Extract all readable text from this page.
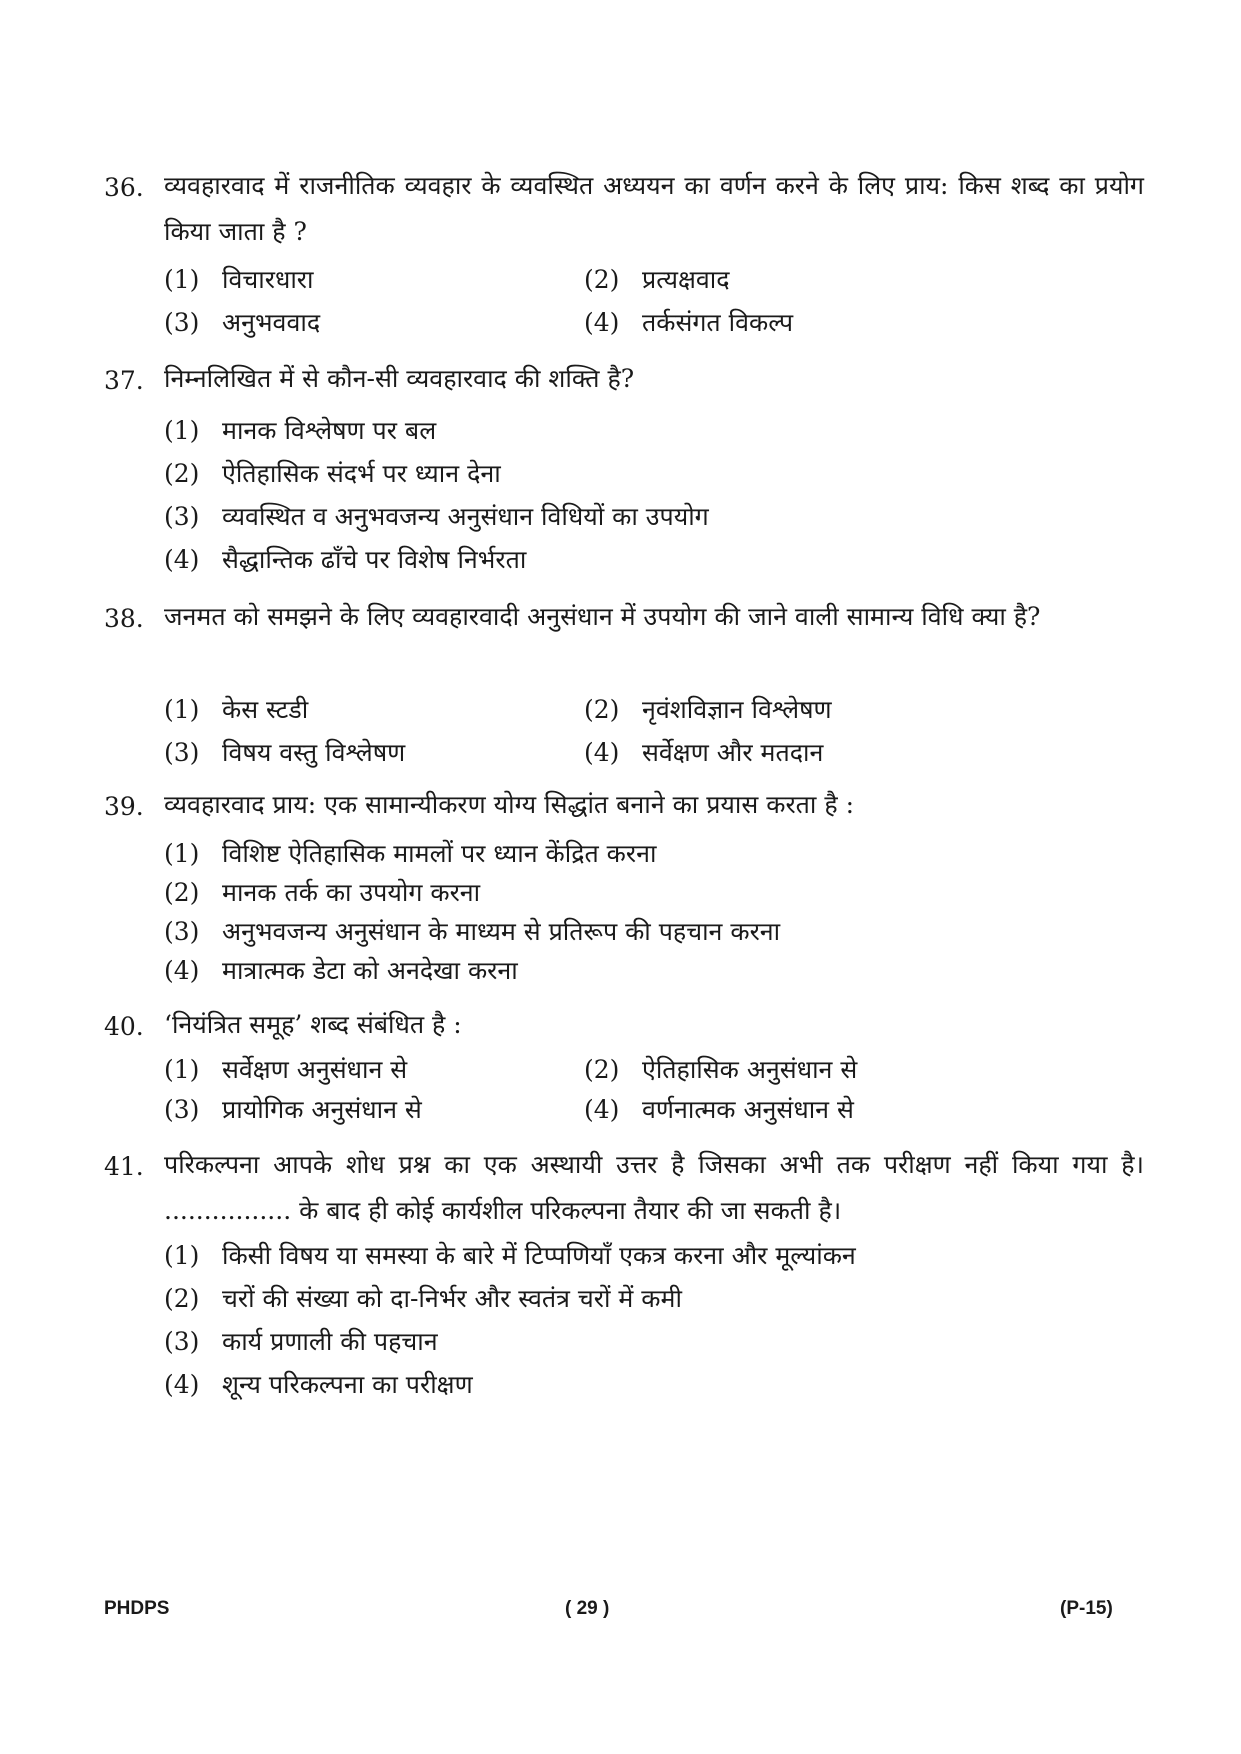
36. व्यवहारवाद में राजनीतिक व्यवहार के व्यवस्थित अध्ययन का वर्णन करने के लिए प्राय: किस शब्द का प्रयोग किया जाता है ?
(1) विचारधारा	(2) प्रत्यक्षवाद
(3) अनुभववाद	(4) तर्कसंगत विकल्प
37. निम्नलिखित में से कौन-सी व्यवहारवाद की शक्ति है?
(1) मानक विश्लेषण पर बल
(2) ऐतिहासिक संदर्भ पर ध्यान देना
(3) व्यवस्थित व अनुभवजन्य अनुसंधान विधियों का उपयोग
(4) सैद्धान्तिक ढाँचे पर विशेष निर्भरता
38. जनमत को समझने के लिए व्यवहारवादी अनुसंधान में उपयोग की जाने वाली सामान्य विधि क्या है?
(1) केस स्टडी	(2) नृवंशविज्ञान विश्लेषण
(3) विषय वस्तु विश्लेषण	(4) सर्वेक्षण और मतदान
39. व्यवहारवाद प्राय: एक सामान्यीकरण योग्य सिद्धांत बनाने का प्रयास करता है :
(1) विशिष्ट ऐतिहासिक मामलों पर ध्यान केंद्रित करना
(2) मानक तर्क का उपयोग करना
(3) अनुभवजन्य अनुसंधान के माध्यम से प्रतिरूप की पहचान करना
(4) मात्रात्मक डेटा को अनदेखा करना
40. ‘नियंत्रित समूह’ शब्द संबंधित है :
(1) सर्वेक्षण अनुसंधान से	(2) ऐतिहासिक अनुसंधान से
(3) प्रायोगिक अनुसंधान से	(4) वर्णनात्मक अनुसंधान से
41. परिकल्पना आपके शोध प्रश्न का एक अस्थायी उत्तर है जिसका अभी तक परीक्षण नहीं किया गया है। ................ के बाद ही कोई कार्यशील परिकल्पना तैयार की जा सकती है।
(1) किसी विषय या समस्या के बारे में टिप्पणियाँ एकत्र करना और मूल्यांकन
(2) चरों की संख्या को दा-निर्भर और स्वतंत्र चरों में कमी
(3) कार्य प्रणाली की पहचान
(4) शून्य परिकल्पना का परीक्षण
PHDPS	( 29 )	(P-15)
